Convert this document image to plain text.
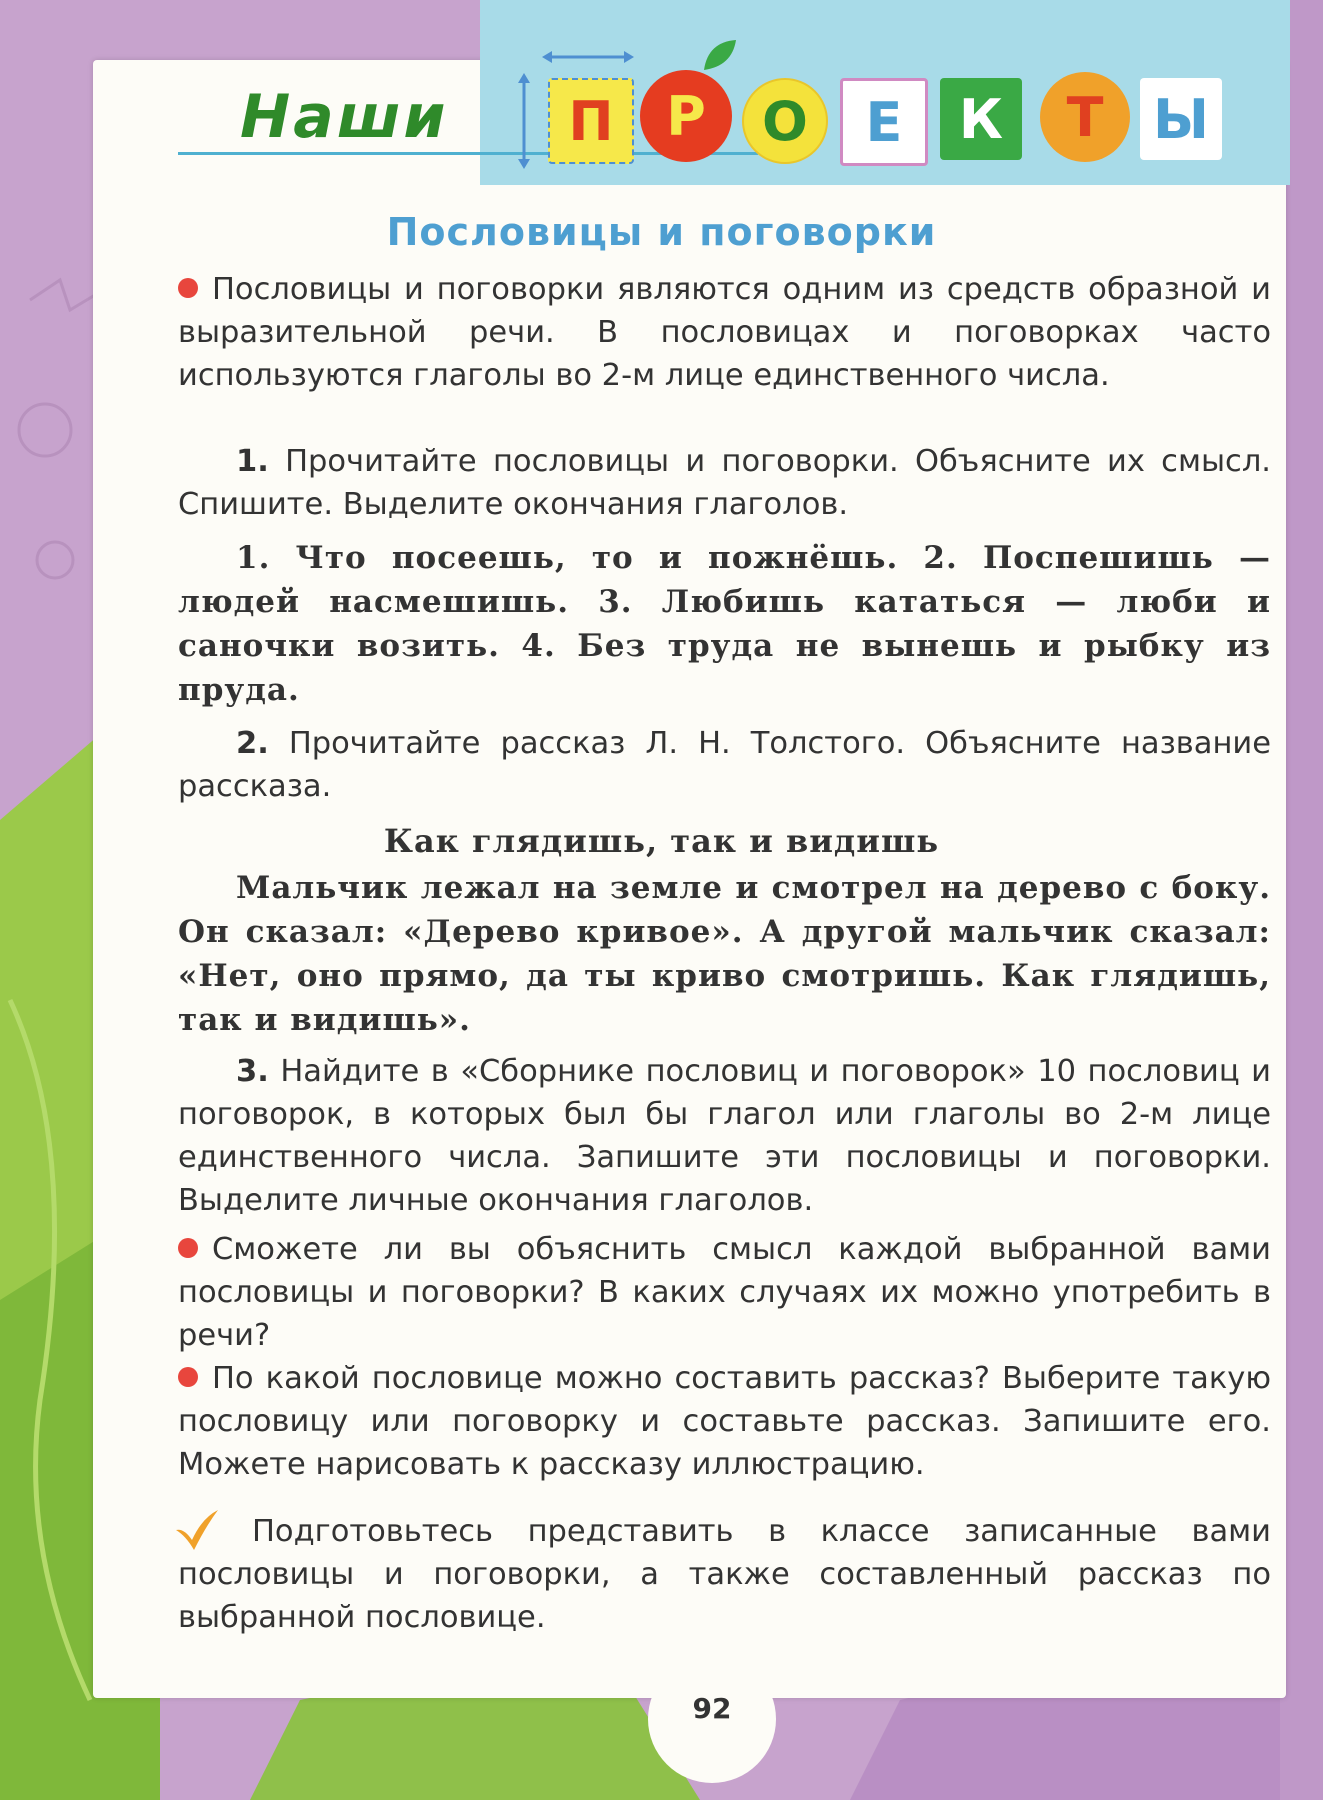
Наши	П Р	О	Е	К	Т Ы
Пословицы и поговорки
Пословицы и поговорки являются одним из средств образной и выразительной речи. В пословицах и поговорках часто используются глаголы во 2-м лице единственного числа.
1. Прочитайте пословицы и поговорки. Объясните их смысл. Спишите. Выделите окончания глаголов.
1. Что посеешь, то и пожнёшь. 2. Поспешишь — людей насмешишь. 3. Любишь кататься — люби и саночки возить. 4. Без труда не вынешь и рыбку из пруда.
2. Прочитайте рассказ Л. Н. Толстого. Объясните название рассказа.
Как глядишь, так и видишь
Мальчик лежал на земле и смотрел на дерево с боку. Он сказал: «Дерево кривое». А другой мальчик сказал: «Нет, оно прямо, да ты криво смотришь. Как глядишь, так и видишь».
3. Найдите в «Сборнике пословиц и поговорок» 10 пословиц и поговорок, в которых был бы глагол или глаголы во 2-м лице единственного числа. Запишите эти пословицы и поговорки. Выделите личные окончания глаголов.
Сможете ли вы объяснить смысл каждой выбранной вами пословицы и поговорки? В каких случаях их можно употребить в речи?
По какой пословице можно составить рассказ? Выберите такую пословицу или поговорку и составьте рассказ. Запишите его. Можете нарисовать к рассказу иллюстрацию.
Подготовьтесь представить в классе записанные вами пословицы и поговорки, а также составленный рассказ по выбранной пословице.
92
